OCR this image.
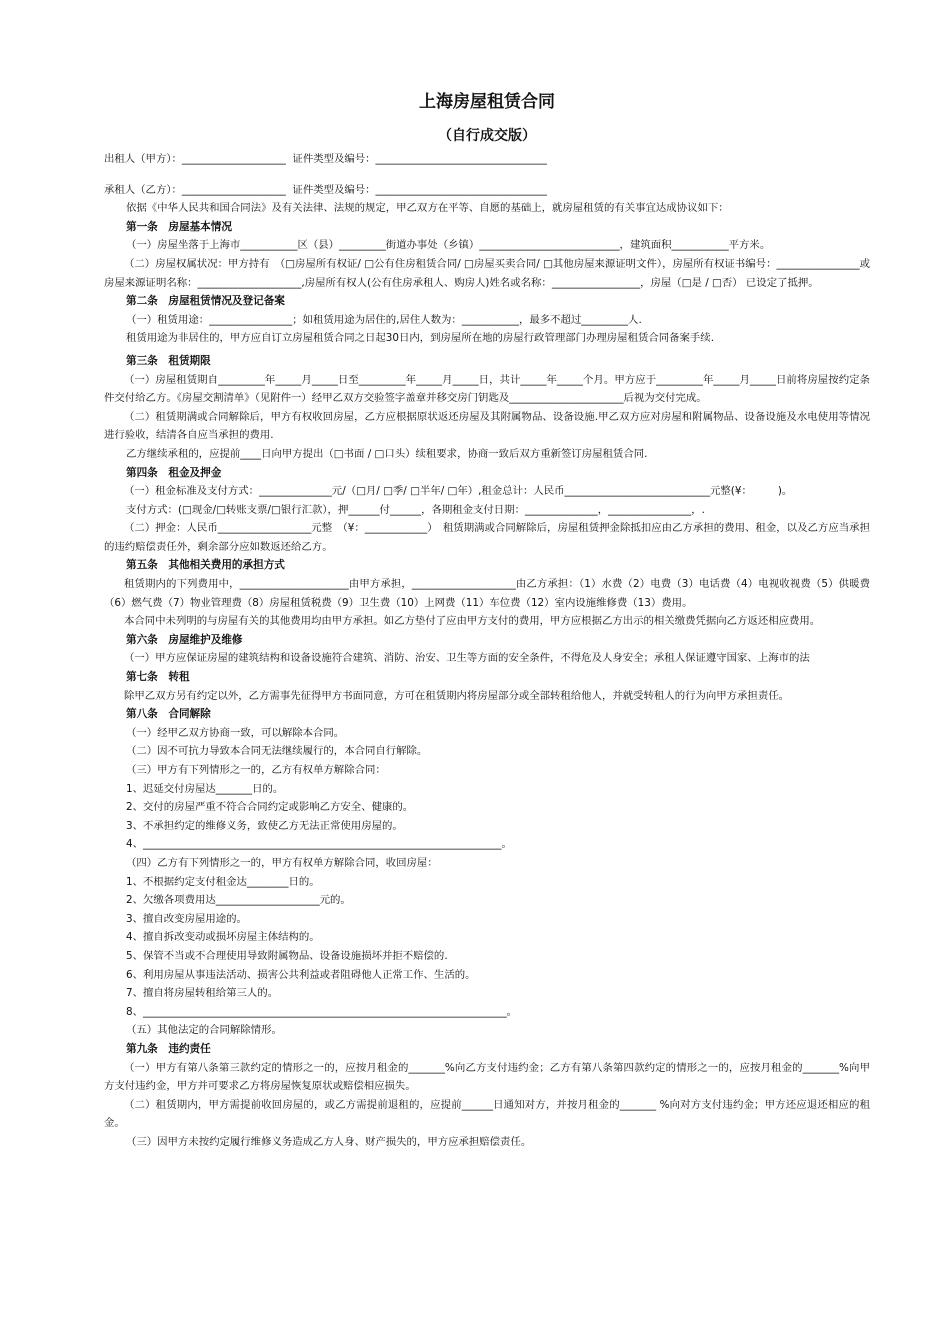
上海房屋租赁合同
（自行成交版）
出租人（甲方）：____________________  证件类型及编号：_________________________________
承租人（乙方）：____________________  证件类型及编号：_________________________________
依据《中华人民共和国合同法》及有关法律、法规的规定，甲乙双方在平等、自愿的基础上，就房屋租赁的有关事宜达成协议如下：
第一条　房屋基本情况
（一）房屋坐落于上海市___________区（县）_________街道办事处（乡镇）___________________________，建筑面积___________平方米。
（二）房屋权属状况：甲方持有　（□房屋所有权证/ □公有住房租赁合同/ □房屋买卖合同/ □其他房屋来源证明文件），房屋所有权证书编号：________________或房屋来源证明名称：____________________,房屋所有权人(公有住房承租人、购房人)姓名或名称：_________________，房屋（□是 / □否） 已设定了抵押。
第二条　房屋租赁情况及登记备案
（一）租赁用途：________________；如租赁用途为居住的,居住人数为：___________，最多不超过_________人.
租赁用途为非居住的，甲方应自订立房屋租赁合同之日起30日内，到房屋所在地的房屋行政管理部门办理房屋租赁合同备案手续.
第三条　租赁期限
（一）房屋租赁期自_________年_____月_____日至_________年_____月_____日，共计_____年_____个月。甲方应于_________年_____月_____日前将房屋按约定条件交付给乙方。《房屋交割清单》（见附件一）经甲乙双方交验签字盖章并移交房门钥匙及______________________后视为交付完成。
（二）租赁期满或合同解除后，甲方有权收回房屋，乙方应根据原状返还房屋及其附属物品、设备设施.甲乙双方应对房屋和附属物品、设备设施及水电使用等情况进行验收，结清各自应当承担的费用.
乙方继续承租的，应提前____日向甲方提出（□书面 / □口头）续租要求，协商一致后双方重新签订房屋租赁合同.
第四条　租金及押金
（一）租金标准及支付方式：______________元/（□月/ □季/ □半年/ □年）,租金总计：人民币____________________________元整(¥：　　　)。
支付方式：(□现金/□转账支票/□银行汇款），押______付______，各期租金支付日期：______________，________________，.
（二）押金：人民币__________________元整　（¥：____________）　租赁期满或合同解除后，房屋租赁押金除抵扣应由乙方承担的费用、租金，以及乙方应当承担的违约赔偿责任外，剩余部分应如数返还给乙方。
第五条　其他相关费用的承担方式
租赁期内的下列费用中，_____________________由甲方承担，____________________由乙方承担：（1）水费（2）电费（3）电话费（4）电视收视费（5）供暖费（6）燃气费（7）物业管理费（8）房屋租赁税费（9）卫生费（10）上网费（11）车位费（12）室内设施维修费（13）费用。
本合同中未列明的与房屋有关的其他费用均由甲方承担。如乙方垫付了应由甲方支付的费用，甲方应根据乙方出示的相关缴费凭据向乙方返还相应费用。
第六条　房屋维护及维修
（一）甲方应保证房屋的建筑结构和设备设施符合建筑、消防、治安、卫生等方面的安全条件，不得危及人身安全；承租人保证遵守国家、上海市的法
第七条　转租
除甲乙双方另有约定以外，乙方需事先征得甲方书面同意，方可在租赁期内将房屋部分或全部转租给他人，并就受转租人的行为向甲方承担责任。
第八条　合同解除
（一）经甲乙双方协商一致，可以解除本合同。
（二）因不可抗力导致本合同无法继续履行的，本合同自行解除。
（三）甲方有下列情形之一的，乙方有权单方解除合同：
1、迟延交付房屋达_______日的。
2、交付的房屋严重不符合合同约定或影响乙方安全、健康的。
3、不承担约定的维修义务，致使乙方无法正常使用房屋的。
4、_____________________________________________________________________。
（四）乙方有下列情形之一的，甲方有权单方解除合同，收回房屋：
1、不根据约定支付租金达________日的。
2、欠缴各项费用达____________________元的。
3、擅自改变房屋用途的。
4、擅自拆改变动或损坏房屋主体结构的。
5、保管不当或不合理使用导致附属物品、设备设施损坏并拒不赔偿的.
6、利用房屋从事违法活动、损害公共利益或者阻碍他人正常工作、生活的。
7、擅自将房屋转租给第三人的。
8、______________________________________________________________________。
（五）其他法定的合同解除情形。
第九条　违约责任
（一）甲方有第八条第三款约定的情形之一的，应按月租金的_______%向乙方支付违约金；乙方有第八条第四款约定的情形之一的，应按月租金的_______%向甲方支付违约金，甲方并可要求乙方将房屋恢复原状或赔偿相应损失。
（二）租赁期内，甲方需提前收回房屋的，或乙方需提前退租的，应提前______日通知对方，并按月租金的_______ %向对方支付违约金；甲方还应退还相应的租金。
（三）因甲方未按约定履行维修义务造成乙方人身、财产损失的，甲方应承担赔偿责任。
